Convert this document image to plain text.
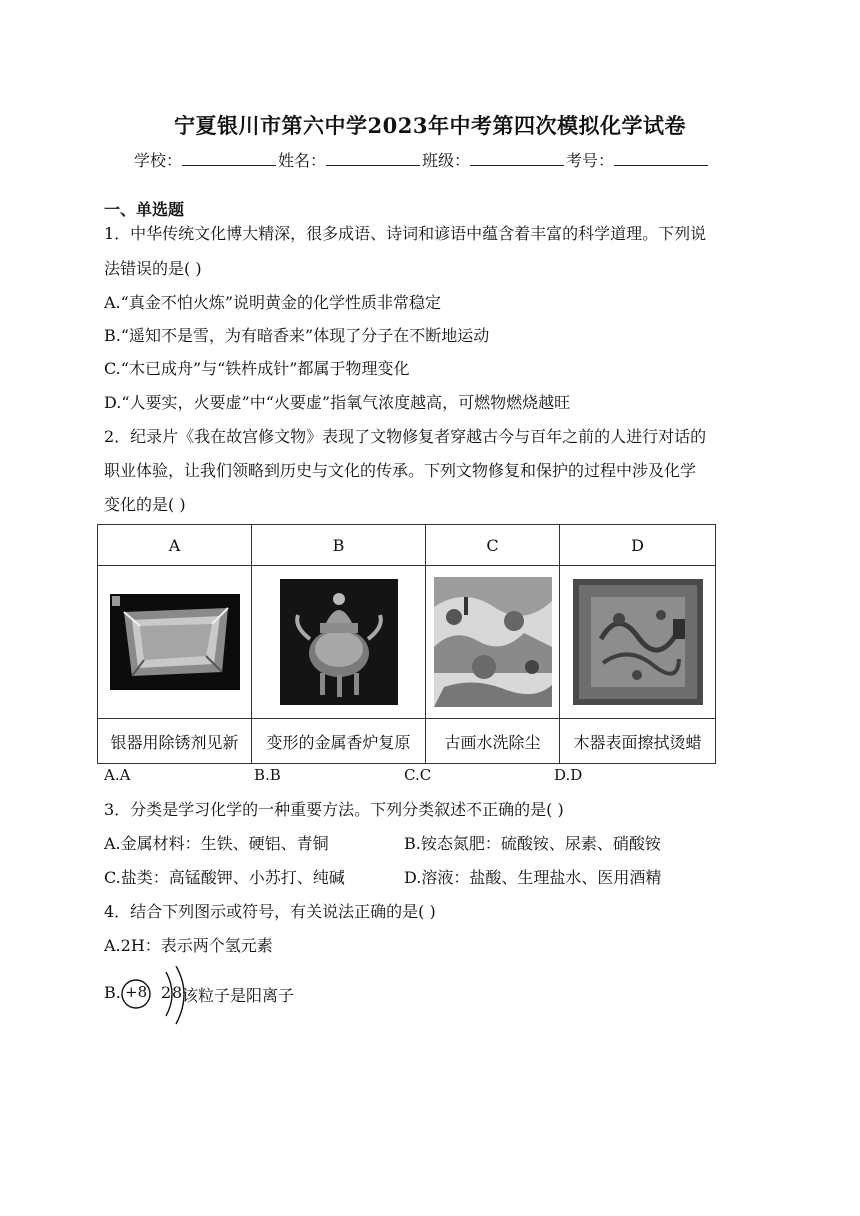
宁夏银川市第六中学2023年中考第四次模拟化学试卷
学校：	姓名：	班级：	考号：
一、单选题
1．中华传统文化博大精深，很多成语、诗词和谚语中蕴含着丰富的科学道理。下列说
法错误的是( )
A.“真金不怕火炼”说明黄金的化学性质非常稳定
B.“遥知不是雪，为有暗香来”体现了分子在不断地运动
C.“木已成舟”与“铁杵成针”都属于物理变化
D.“人要实，火要虚”中“火要虚”指氧气浓度越高，可燃物燃烧越旺
2．纪录片《我在故宫修文物》表现了文物修复者穿越古今与百年之前的人进行对话的
职业体验，让我们领略到历史与文化的传承。下列文物修复和保护的过程中涉及化学
变化的是( )
A	B	C	D

银器用除锈剂见新	变形的金属香炉复原	古画水洗除尘	木器表面擦拭烫蜡
A.A	B.B	C.C	D.D
3．分类是学习化学的一种重要方法。下列分类叙述不正确的是( )
A.金属材料：生铁、硬铝、青铜	B.铵态氮肥：硫酸铵、尿素、硝酸铵
C.盐类：高锰酸钾、小苏打、纯碱	D.溶液：盐酸、生理盐水、医用酒精
4．结合下列图示或符号，有关说法正确的是( )
A.2H：表示两个氢元素
B. +8 2 8 该粒子是阳离子
